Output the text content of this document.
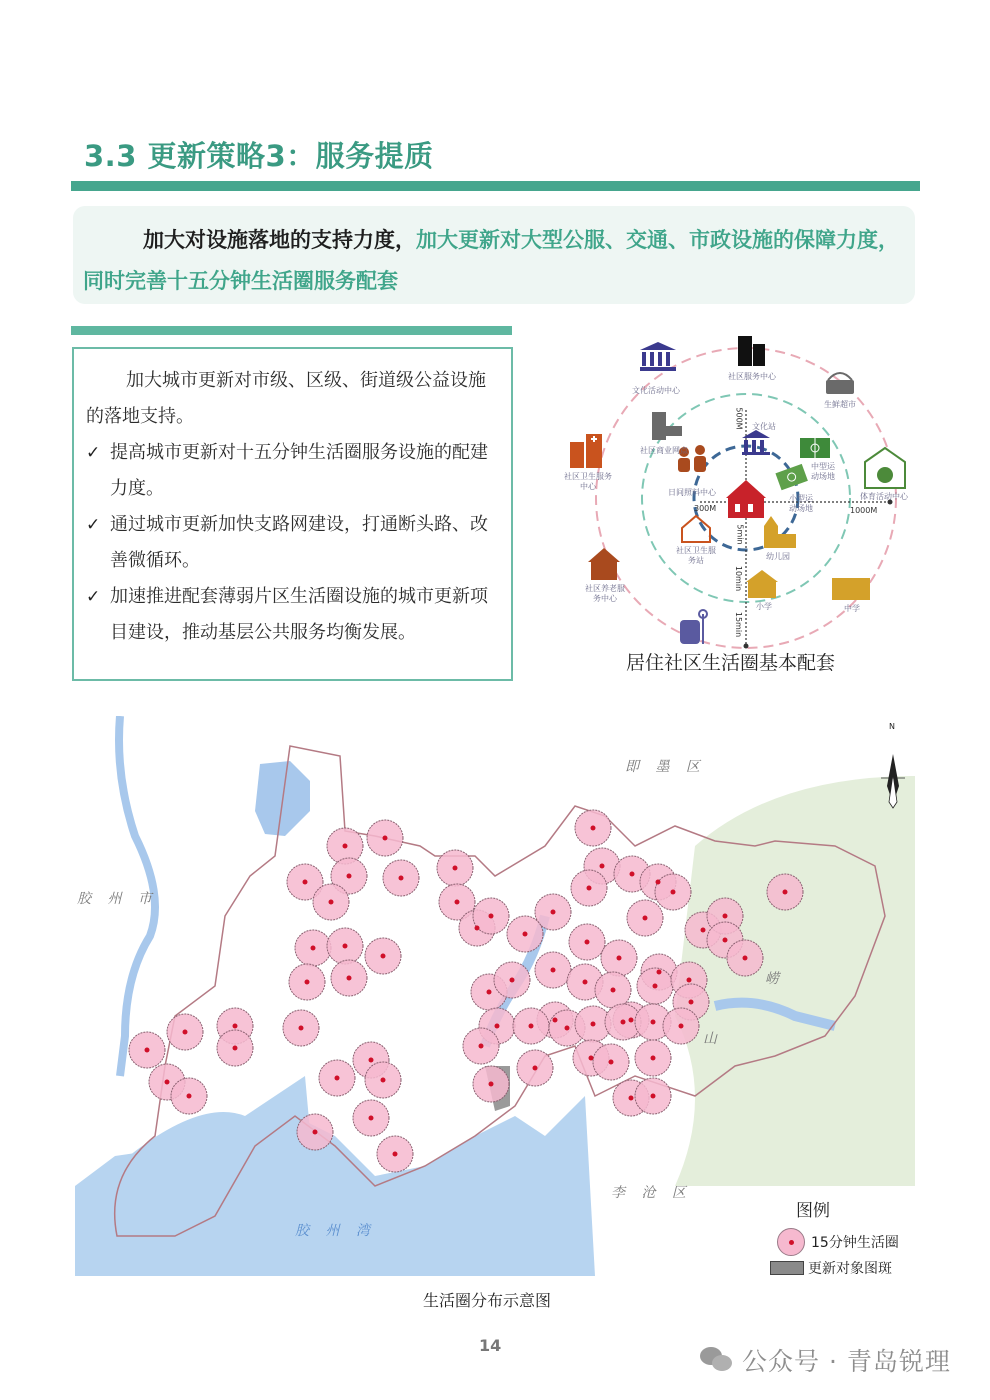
3.3 更新策略3：服务提质

加大对设施落地的支持力度，加大更新对大型公服、交通、市政设施的保障力度，同时完善十五分钟生活圈服务配套

加大城市更新对市级、区级、街道级公益设施的落地支持。
✓ 提高城市更新对十五分钟生活圈服务设施的配建力度。
✓ 通过城市更新加快支路网建设，打通断头路、改善微循环。
✓ 加速推进配套薄弱片区生活圈设施的城市更新项目建设，推动基层公共服务均衡发展。
文化活动中心
社区服务中心
生鲜超市
社区卫生服务中心
社区商业网点
文化站
中型运动场地
体育活动中心
日间照料中心
小型运动场地
社区卫生服务站	幼儿园
社区养老服务中心
小学	中学
300M
500M
1000M
5min
10min
15min
居住社区生活圈基本配套
N
胶 州 市
即 墨 区
崂
山
李 沧 区
胶 州 湾
图例
15分钟生活圈
更新对象图斑
生活圈分布示意图
14
公众号 · 青岛锐理
